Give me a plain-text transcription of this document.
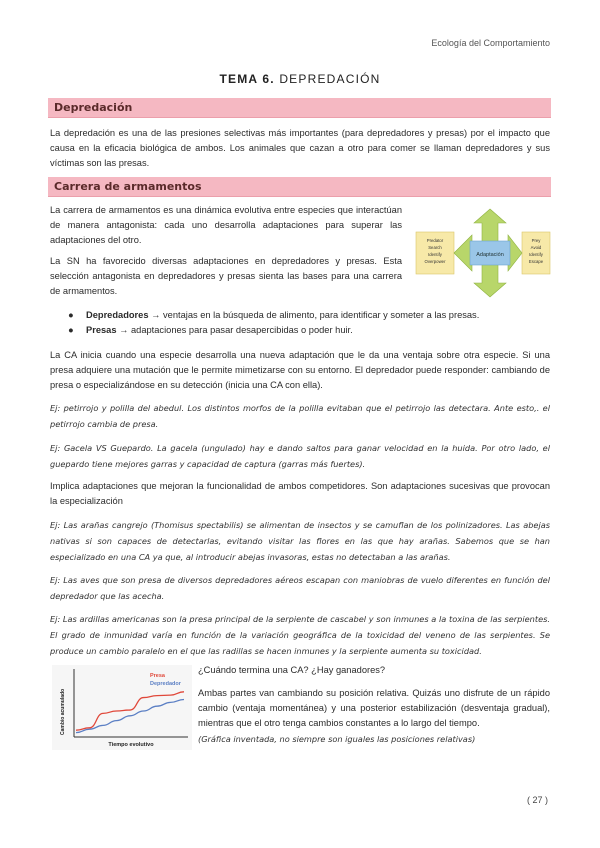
Ecología del Comportamiento
TEMA 6. DEPREDACIÓN
Depredación
La depredación es una de las presiones selectivas más importantes (para depredadores y presas) por el impacto que causa en la eficacia biológica de ambos. Los animales que cazan a otro para comer se llaman depredadores y sus víctimas son las presas.
Carrera de armamentos
La carrera de armamentos es una dinámica evolutiva entre especies que interactúan de manera antagonista: cada uno desarrolla adaptaciones para superar las adaptaciones del otro.
La SN ha favorecido diversas adaptaciones en depredadores y presas. Esta selección antagonista en depredadores y presas sienta las bases para una carrera de armamentos.
Adaptación
Predator
Search
Identify
Overpower
Prey
Avoid
Identify
Escape
● Depredadores → ventajas en la búsqueda de alimento, para identificar y someter a las presas.
● Presas → adaptaciones para pasar desapercibidas o poder huir.
La CA inicia cuando una especie desarrolla una nueva adaptación que le da una ventaja sobre otra especie. Si una presa adquiere una mutación que le permite mimetizarse con su entorno. El depredador puede responder: cambiando de presa o especializándose en su detección (inicia una CA con ella).
Ej: petirrojo y polilla del abedul. Los distintos morfos de la polilla evitaban que el petirrojo las detectara. Ante esto,. el petirrojo cambia de presa.
Ej: Gacela VS Guepardo. La gacela (ungulado) hay e dando saltos para ganar velocidad en la huida. Por otro lado, el guepardo tiene mejores garras y capacidad de captura (garras más fuertes).
Implica adaptaciones que mejoran la funcionalidad de ambos competidores. Son adaptaciones sucesivas que provocan la especialización
Ej: Las arañas cangrejo (Thomisus spectabilis) se alimentan de insectos y se camuflan de los polinizadores. Las abejas nativas si son capaces de detectarlas, evitando visitar las flores en las que hay arañas. Sabemos que se han especializado en una CA ya que, al introducir abejas invasoras, estas no detectaban a las arañas.
Ej: Las aves que son presa de diversos depredadores aéreos escapan con maniobras de vuelo diferentes en función del depredador que las acecha.
Ej: Las ardillas americanas son la presa principal de la serpiente de cascabel y son inmunes a la toxina de las serpientes. El grado de inmunidad varía en función de la variación geográfica de la toxicidad del veneno de las serpientes. Se produce un cambio paralelo en el que las radillas se hacen inmunes y la serpiente aumenta su toxicidad.
Cambio acumulado
Tiempo evolutivo
Presa
Depredador
¿Cuándo termina una CA? ¿Hay ganadores?
Ambas partes van cambiando su posición relativa. Quizás uno disfrute de un rápido cambio (ventaja momentánea) y una posterior estabilización (desventaja gradual), mientras que el otro tenga cambios constantes a lo largo del tiempo.
(Gráfica inventada, no siempre son iguales las posiciones relativas)
( 27 )
